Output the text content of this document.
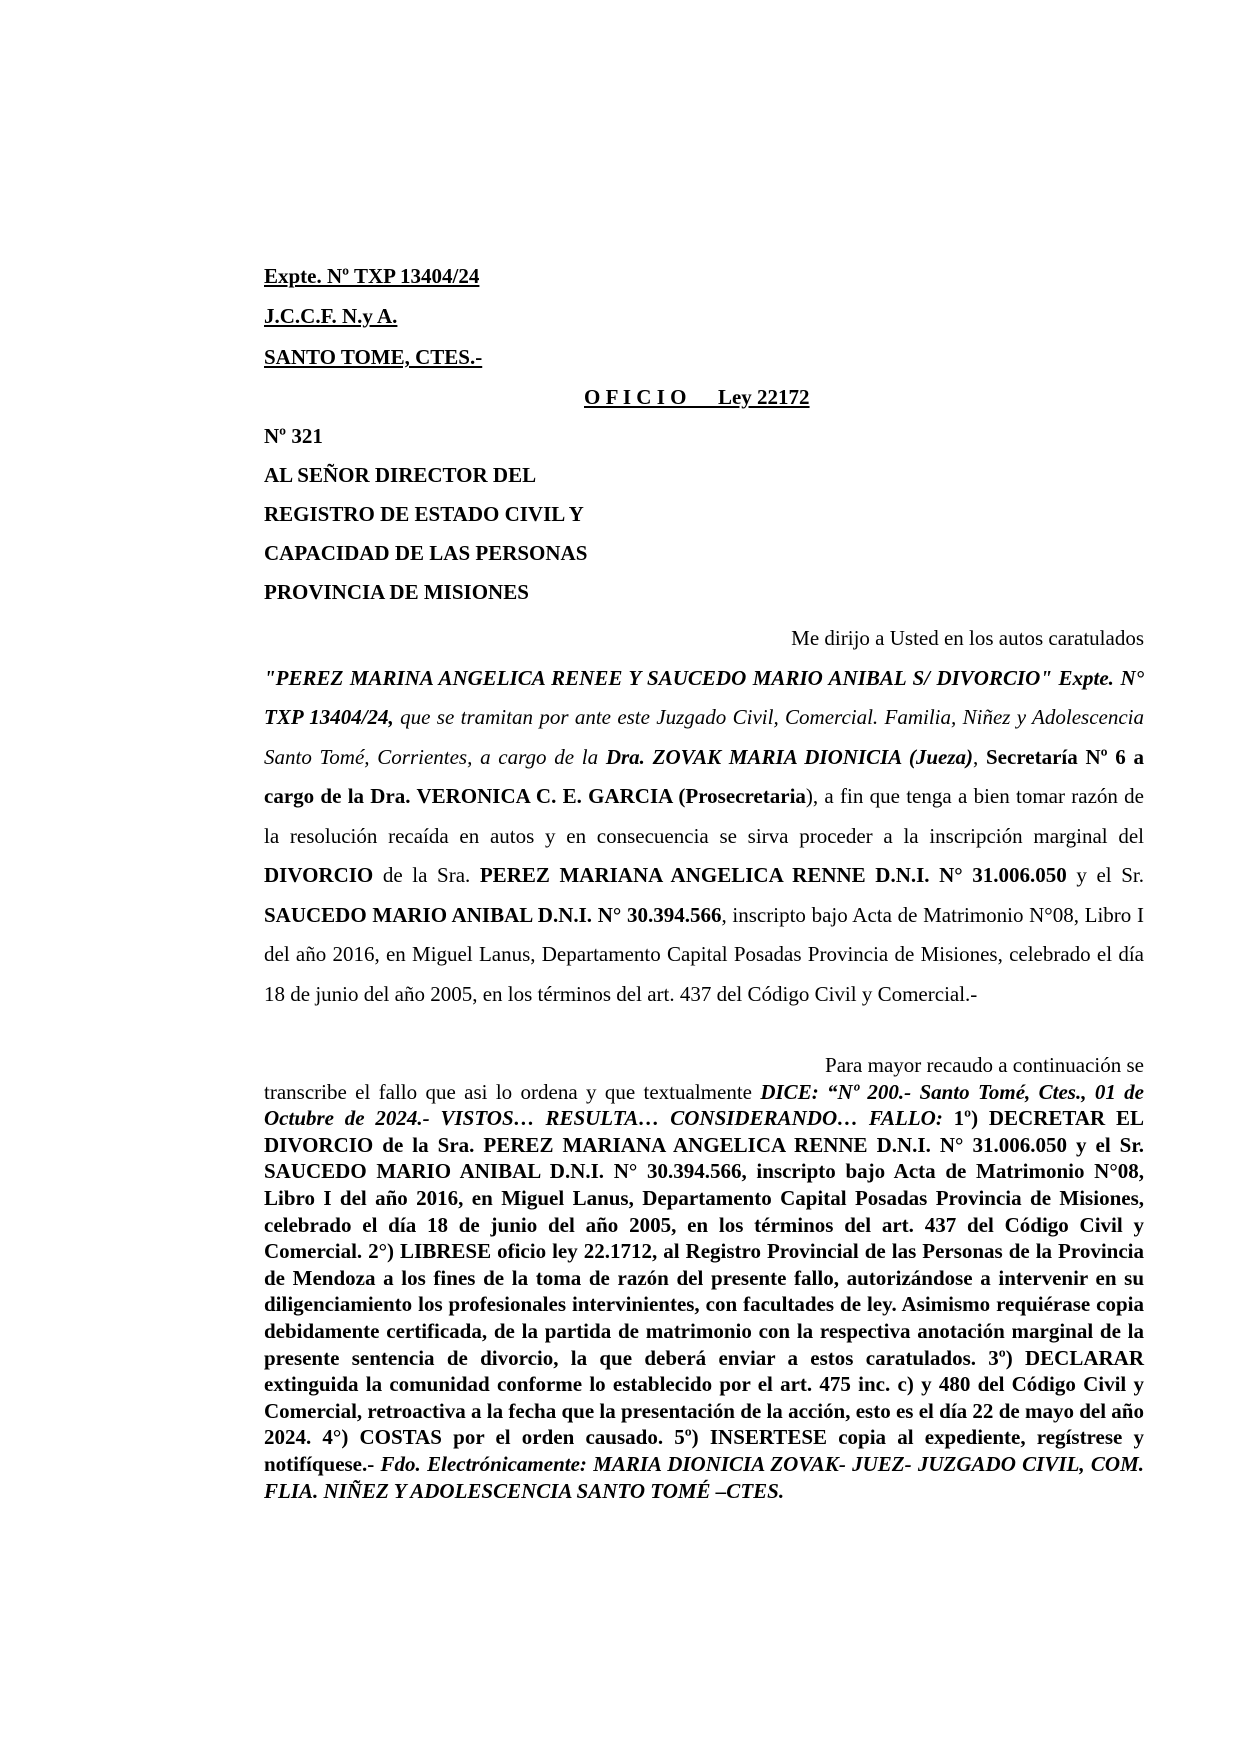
Expte. Nº TXP 13404/24
J.C.C.F. N.y A.
SANTO TOME, CTES.-
O F I C I O      Ley 22172
Nº 321
AL SEÑOR DIRECTOR DEL
REGISTRO DE ESTADO CIVIL Y
CAPACIDAD DE LAS PERSONAS
PROVINCIA DE MISIONES
Me dirijo a Usted en los autos caratulados
"PEREZ MARINA ANGELICA RENEE Y SAUCEDO MARIO ANIBAL S/ DIVORCIO" Expte. N° TXP 13404/24, que se tramitan por ante este Juzgado Civil, Comercial. Familia, Niñez y Adolescencia Santo Tomé, Corrientes, a cargo de la Dra. ZOVAK MARIA DIONICIA (Jueza), Secretaría Nº 6 a cargo de la Dra. VERONICA C. E. GARCIA (Prosecretaria), a fin que tenga a bien tomar razón de la resolución recaída en autos y en consecuencia se sirva proceder a la inscripción marginal del DIVORCIO de la Sra. PEREZ MARIANA ANGELICA RENNE D.N.I. N° 31.006.050 y el Sr. SAUCEDO MARIO ANIBAL D.N.I. N° 30.394.566, inscripto bajo Acta de Matrimonio N°08, Libro I del año 2016, en Miguel Lanus, Departamento Capital Posadas Provincia de Misiones, celebrado el día 18 de junio del año 2005, en los términos del art. 437 del Código Civil y Comercial.-
Para mayor recaudo a continuación se
transcribe el fallo que asi lo ordena y que textualmente DICE: “Nº 200.- Santo Tomé, Ctes., 01 de Octubre de 2024.- VISTOS… RESULTA… CONSIDERANDO… FALLO: 1º) DECRETAR EL DIVORCIO de la Sra. PEREZ MARIANA ANGELICA RENNE D.N.I. N° 31.006.050 y el Sr. SAUCEDO MARIO ANIBAL D.N.I. N° 30.394.566, inscripto bajo Acta de Matrimonio N°08, Libro I del año 2016, en Miguel Lanus, Departamento Capital Posadas Provincia de Misiones, celebrado el día 18 de junio del año 2005, en los términos del art. 437 del Código Civil y Comercial. 2°) LIBRESE oficio ley 22.1712, al Registro Provincial de las Personas de la Provincia de Mendoza a los fines de la toma de razón del presente fallo, autorizándose a intervenir en su diligenciamiento los profesionales intervinientes, con facultades de ley. Asimismo requiérase copia debidamente certificada, de la partida de matrimonio con la respectiva anotación marginal de la presente sentencia de divorcio, la que deberá enviar a estos caratulados. 3º) DECLARAR extinguida la comunidad conforme lo establecido por el art. 475 inc. c) y 480 del Código Civil y Comercial, retroactiva a la fecha que la presentación de la acción, esto es el día 22 de mayo del año 2024. 4°) COSTAS por el orden causado. 5º) INSERTESE copia al expediente, regístrese y notifíquese.- Fdo. Electrónicamente: MARIA DIONICIA ZOVAK- JUEZ- JUZGADO CIVIL, COM. FLIA. NIÑEZ Y ADOLESCENCIA SANTO TOMÉ –CTES.
